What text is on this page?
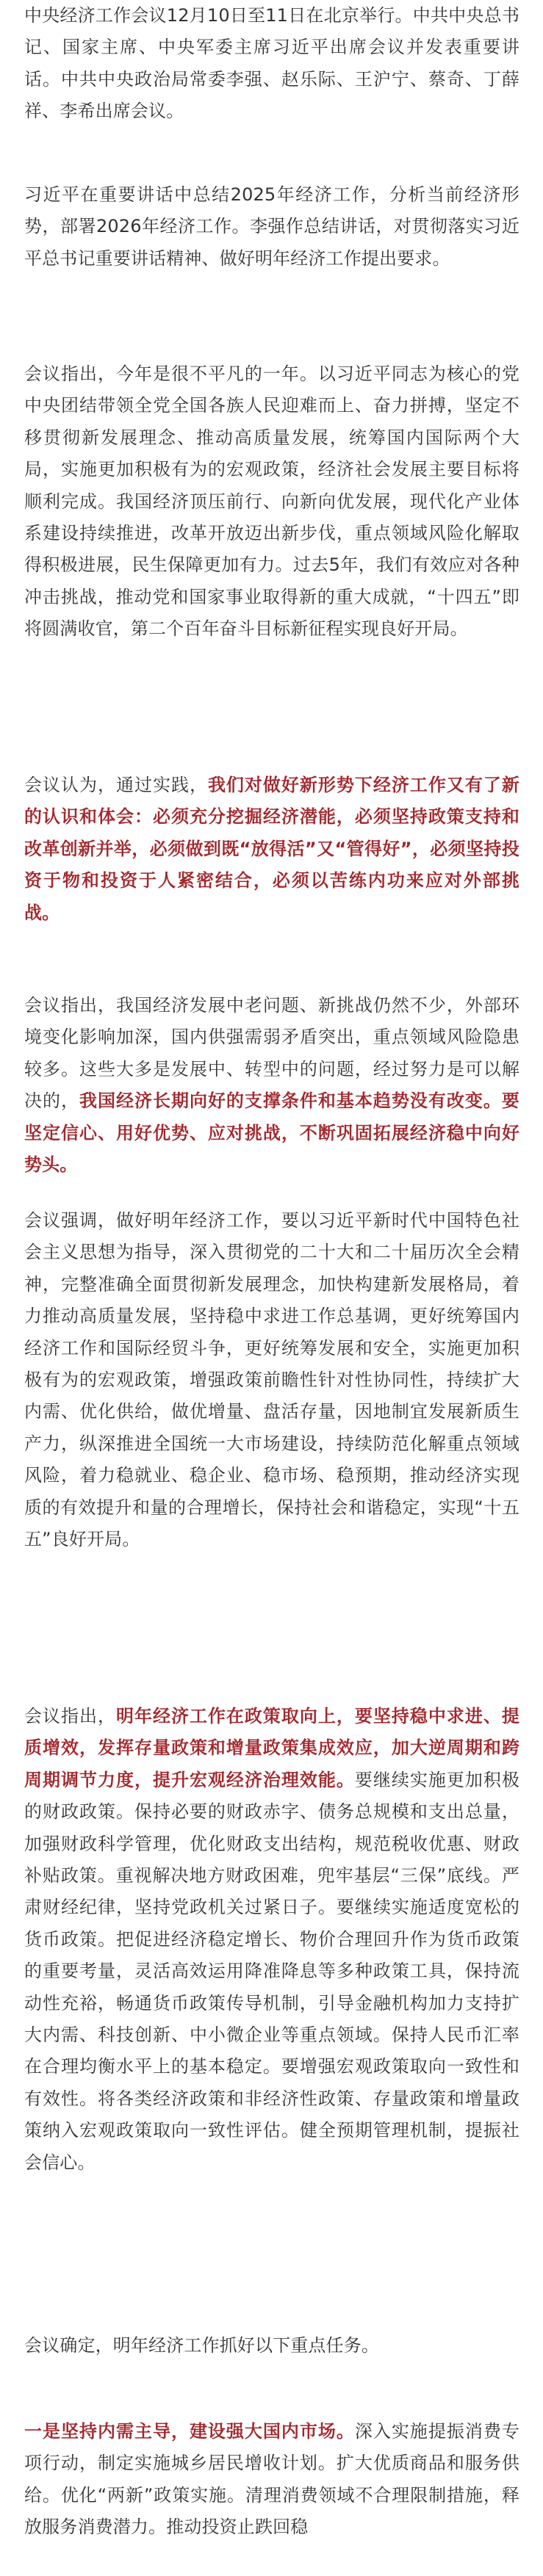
中央经济工作会议12月10日至11日在北京举行。中共中央总书记、国家主席、中央军委主席习近平出席会议并发表重要讲话。中共中央政治局常委李强、赵乐际、王沪宁、蔡奇、丁薛祥、李希出席会议。

习近平在重要讲话中总结2025年经济工作，分析当前经济形势，部署2026年经济工作。李强作总结讲话，对贯彻落实习近平总书记重要讲话精神、做好明年经济工作提出要求。

会议指出，今年是很不平凡的一年。以习近平同志为核心的党中央团结带领全党全国各族人民迎难而上、奋力拼搏，坚定不移贯彻新发展理念、推动高质量发展，统筹国内国际两个大局，实施更加积极有为的宏观政策，经济社会发展主要目标将顺利完成。我国经济顶压前行、向新向优发展，现代化产业体系建设持续推进，改革开放迈出新步伐，重点领域风险化解取得积极进展，民生保障更加有力。过去5年，我们有效应对各种冲击挑战，推动党和国家事业取得新的重大成就，“十四五”即将圆满收官，第二个百年奋斗目标新征程实现良好开局。

会议认为，通过实践，我们对做好新形势下经济工作又有了新的认识和体会：必须充分挖掘经济潜能，必须坚持政策支持和改革创新并举，必须做到既“放得活”又“管得好”，必须坚持投资于物和投资于人紧密结合，必须以苦练内功来应对外部挑战。

会议指出，我国经济发展中老问题、新挑战仍然不少，外部环境变化影响加深，国内供强需弱矛盾突出，重点领域风险隐患较多。这些大多是发展中、转型中的问题，经过努力是可以解决的，我国经济长期向好的支撑条件和基本趋势没有改变。要坚定信心、用好优势、应对挑战，不断巩固拓展经济稳中向好势头。

会议强调，做好明年经济工作，要以习近平新时代中国特色社会主义思想为指导，深入贯彻党的二十大和二十届历次全会精神，完整准确全面贯彻新发展理念，加快构建新发展格局，着力推动高质量发展，坚持稳中求进工作总基调，更好统筹国内经济工作和国际经贸斗争，更好统筹发展和安全，实施更加积极有为的宏观政策，增强政策前瞻性针对性协同性，持续扩大内需、优化供给，做优增量、盘活存量，因地制宜发展新质生产力，纵深推进全国统一大市场建设，持续防范化解重点领域风险，着力稳就业、稳企业、稳市场、稳预期，推动经济实现质的有效提升和量的合理增长，保持社会和谐稳定，实现“十五五”良好开局。

会议指出，明年经济工作在政策取向上，要坚持稳中求进、提质增效，发挥存量政策和增量政策集成效应，加大逆周期和跨周期调节力度，提升宏观经济治理效能。要继续实施更加积极的财政政策。保持必要的财政赤字、债务总规模和支出总量，加强财政科学管理，优化财政支出结构，规范税收优惠、财政补贴政策。重视解决地方财政困难，兜牢基层“三保”底线。严肃财经纪律，坚持党政机关过紧日子。要继续实施适度宽松的货币政策。把促进经济稳定增长、物价合理回升作为货币政策的重要考量，灵活高效运用降准降息等多种政策工具，保持流动性充裕，畅通货币政策传导机制，引导金融机构加力支持扩大内需、科技创新、中小微企业等重点领域。保持人民币汇率在合理均衡水平上的基本稳定。要增强宏观政策取向一致性和有效性。将各类经济政策和非经济性政策、存量政策和增量政策纳入宏观政策取向一致性评估。健全预期管理机制，提振社会信心。

会议确定，明年经济工作抓好以下重点任务。

一是坚持内需主导，建设强大国内市场。深入实施提振消费专项行动，制定实施城乡居民增收计划。扩大优质商品和服务供给。优化“两新”政策实施。清理消费领域不合理限制措施，释放服务消费潜力。推动投资止跌回稳
